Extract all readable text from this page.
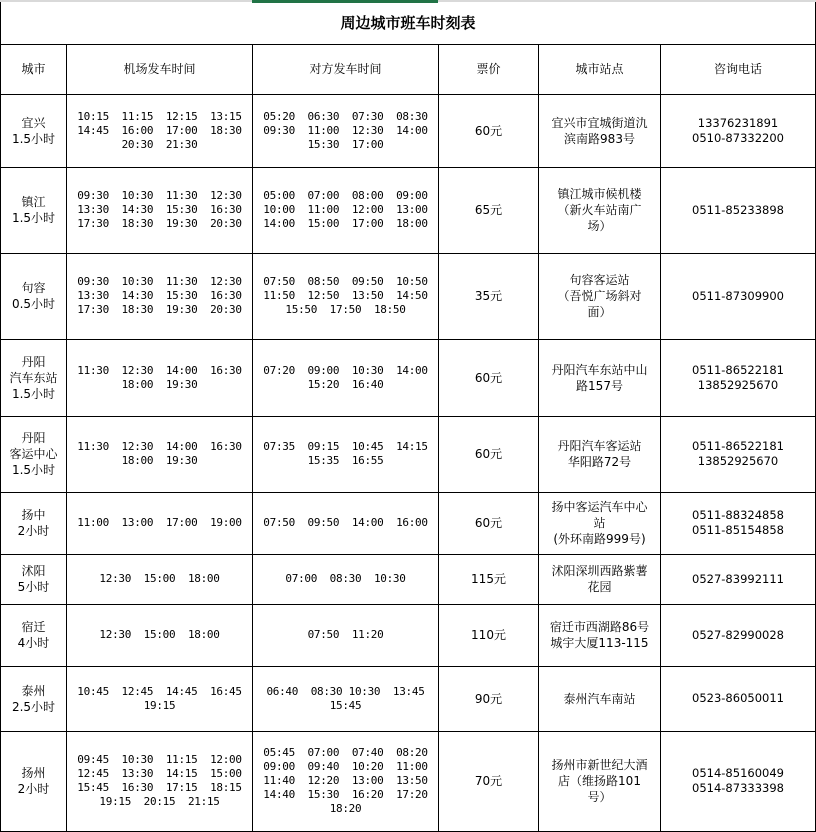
周边城市班车时刻表					
城市	机场发车时间	对方发车时间	票价	城市站点	咨询电话

宜兴
1.5小时	10:15  11:15  12:15  13:15
14:45  16:00  17:00  18:30
20:30  21:30	05:20  06:30  07:30  08:30
09:30  11:00  12:30  14:00
15:30  17:00	60元	宜兴市宜城街道氿
滨南路983号	13376231891
0510-87332200

镇江
1.5小时	09:30  10:30  11:30  12:30
13:30  14:30  15:30  16:30
17:30  18:30  19:30  20:30	05:00  07:00  08:00  09:00
10:00  11:00  12:00  13:00
14:00  15:00  17:00  18:00	65元	镇江城市候机楼
（新火车站南广
场）	0511-85233898

句容
0.5小时	09:30  10:30  11:30  12:30
13:30  14:30  15:30  16:30
17:30  18:30  19:30  20:30	07:50  08:50  09:50  10:50
11:50  12:50  13:50  14:50
15:50  17:50  18:50	35元	句容客运站
（吾悦广场斜对
面）	0511-87309900

丹阳
汽车东站
1.5小时	11:30  12:30  14:00  16:30
18:00  19:30	07:20  09:00  10:30  14:00
15:20  16:40	60元	丹阳汽车东站中山
路157号	0511-86522181
13852925670

丹阳
客运中心
1.5小时	11:30  12:30  14:00  16:30
18:00  19:30	07:35  09:15  10:45  14:15
15:35  16:55	60元	丹阳汽车客运站
华阳路72号	0511-86522181
13852925670

扬中
2小时	11:00  13:00  17:00  19:00	07:50  09:50  14:00  16:00	60元	扬中客运汽车中心
站
(外环南路999号)	0511-88324858
0511-85154858

沭阳
5小时	12:30  15:00  18:00	07:00  08:30  10:30	115元	沭阳深圳西路紫薯
花园	0527-83992111

宿迁
4小时	12:30  15:00  18:00	07:50  11:20	110元	宿迁市西湖路86号
城宇大厦113-115	0527-82990028

泰州
2.5小时	10:45  12:45  14:45  16:45
19:15	06:40  08:30 10:30  13:45
15:45	90元	泰州汽车南站	0523-86050011

扬州
2小时	09:45  10:30  11:15  12:00
12:45  13:30  14:15  15:00
15:45  16:30  17:15  18:15
19:15  20:15  21:15	05:45  07:00  07:40  08:20
09:00  09:40  10:20  11:00
11:40  12:20  13:00  13:50
14:40  15:30  16:20  17:20
18:20	70元	扬州市新世纪大酒
店（维扬路101
号）	0514-85160049
0514-87333398
